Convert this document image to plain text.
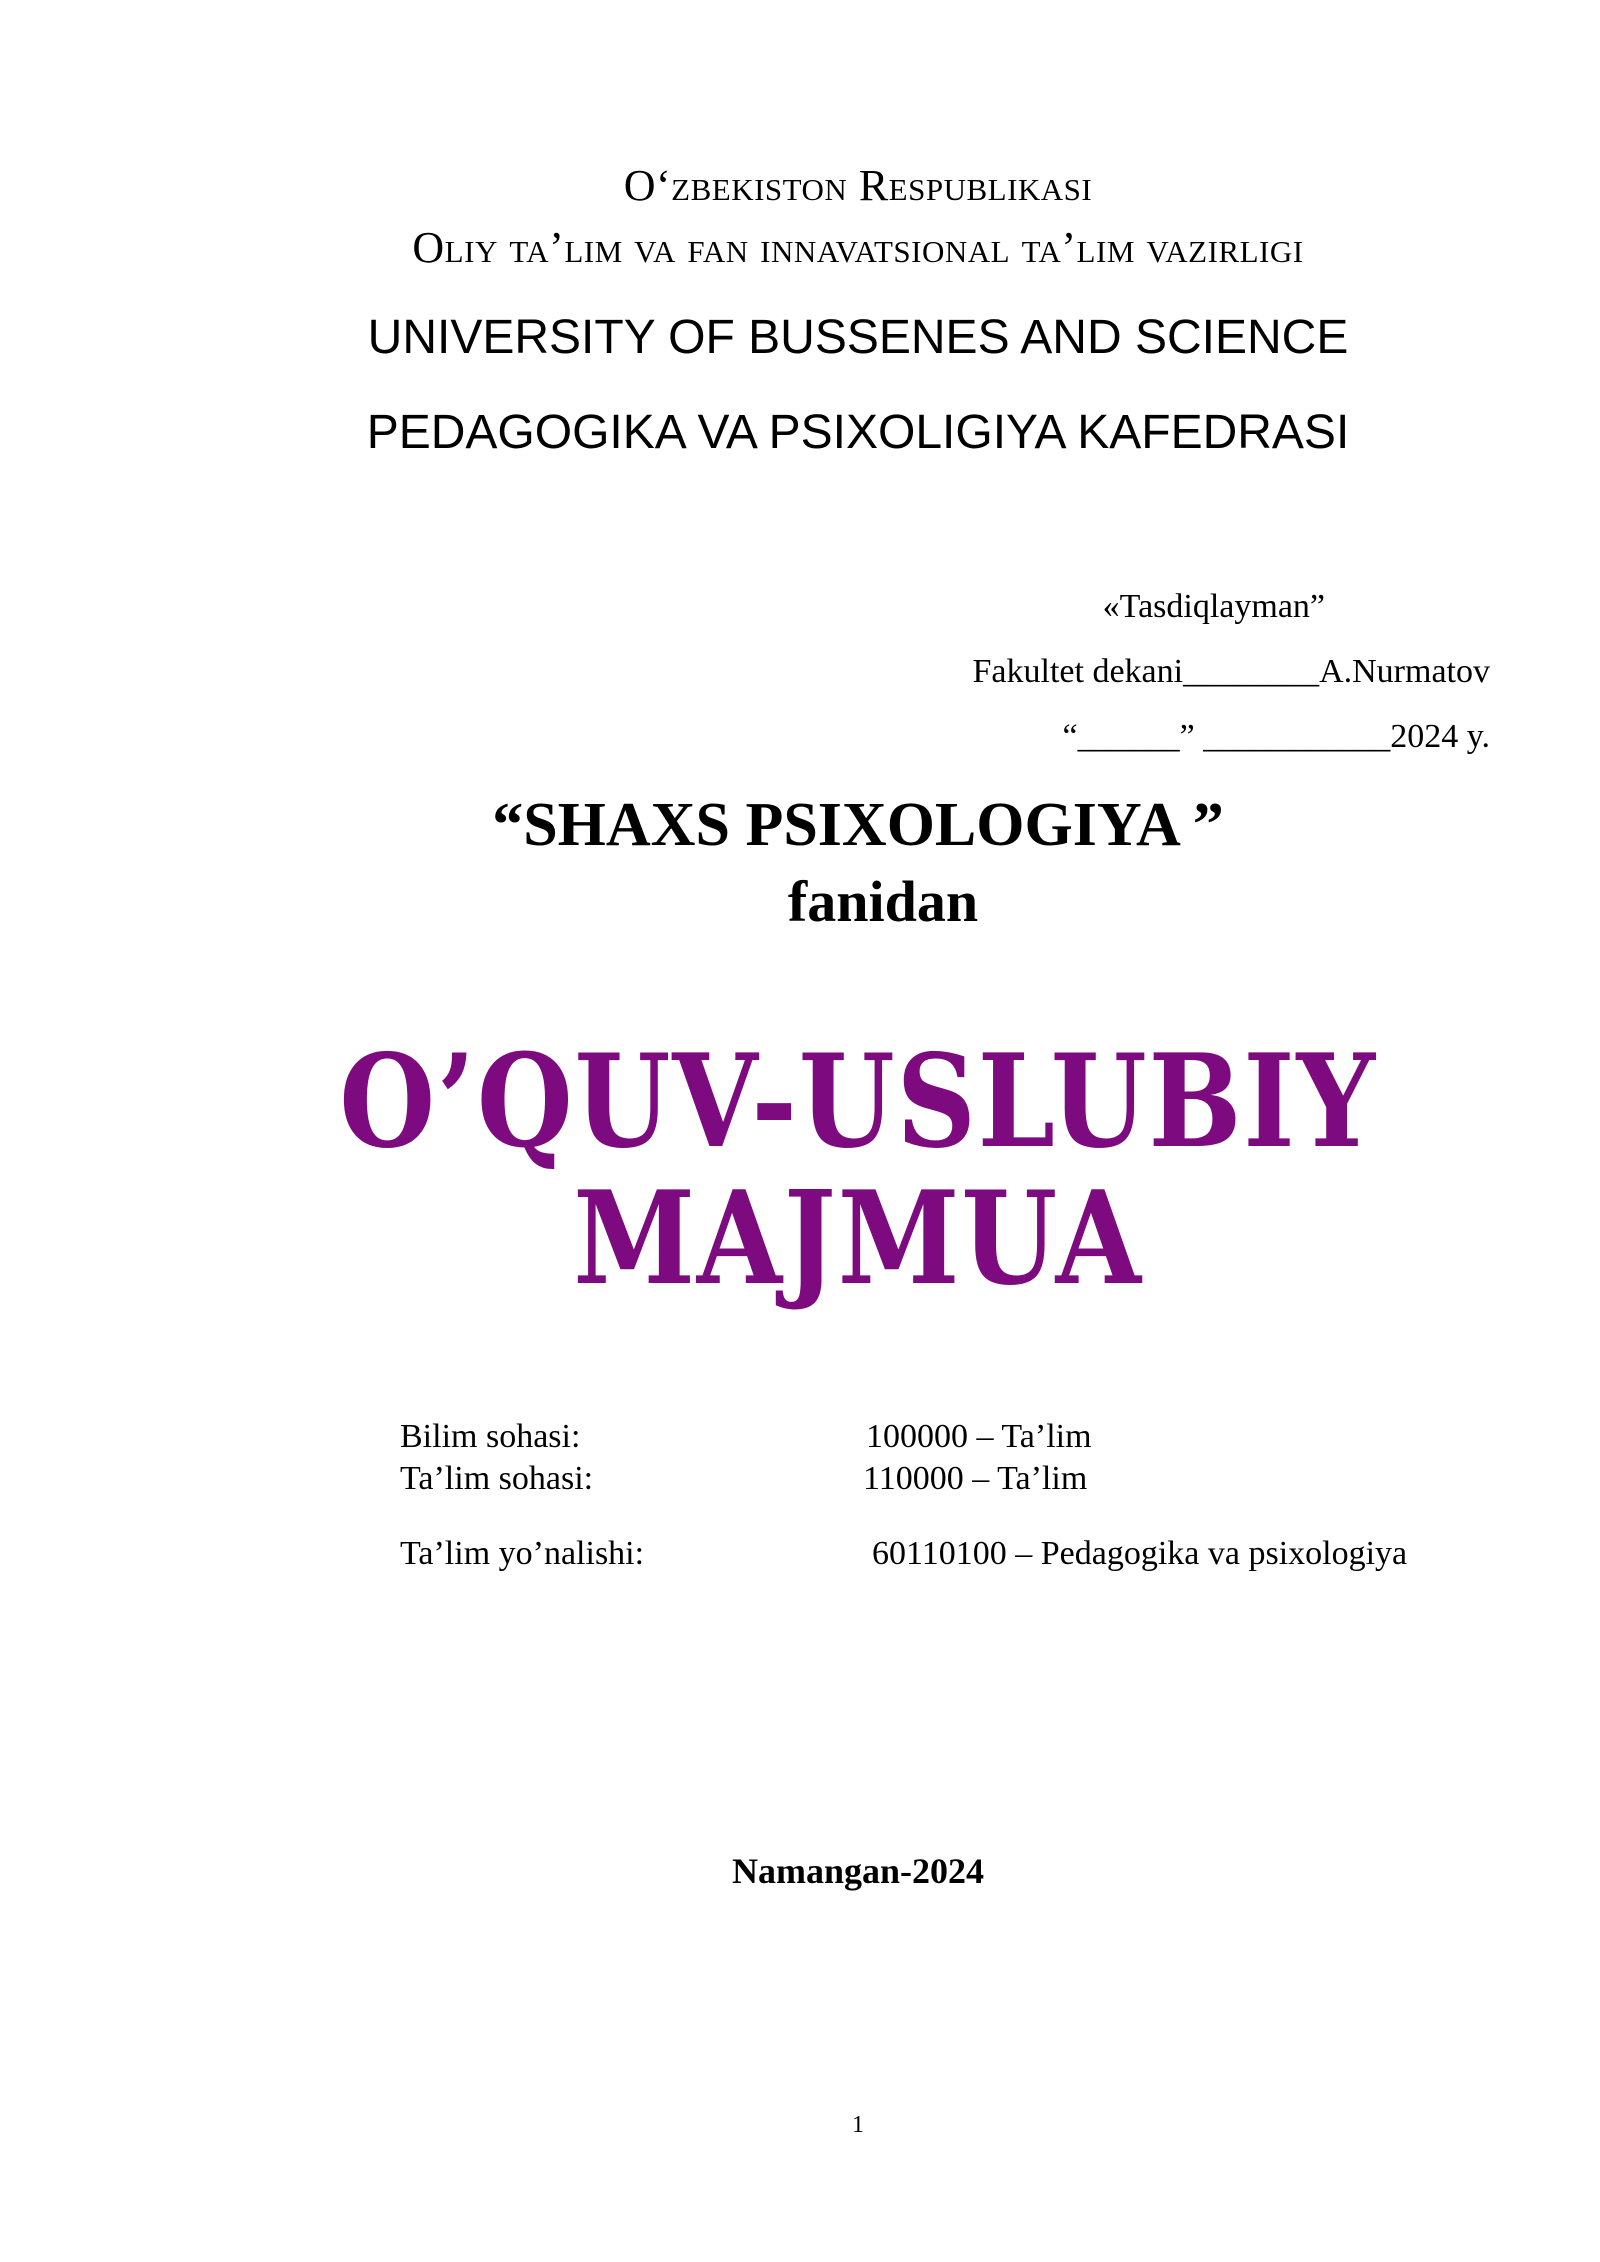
O‘zbekiston Respublikasi
Oliy ta’lim va fan innavatsional ta’lim vazirligi
UNIVERSITY OF BUSSENES AND SCIENCE
PEDAGOGIKA VA PSIXOLIGIYA KAFEDRASI
«Tasdiqlayman”
Fakultet dekani________A.Nurmatov
“______” ___________2024 y.
“SHAXS PSIXOLOGIYA ”
fanidan
O’QUV-USLUBIY
MAJMUA
Bilim sohasi:	100000 – Ta’lim
Ta’lim sohasi:	110000 – Ta’lim
Ta’lim yo’nalishi:	60110100 – Pedagogika va psixologiya
Namangan-2024
1
